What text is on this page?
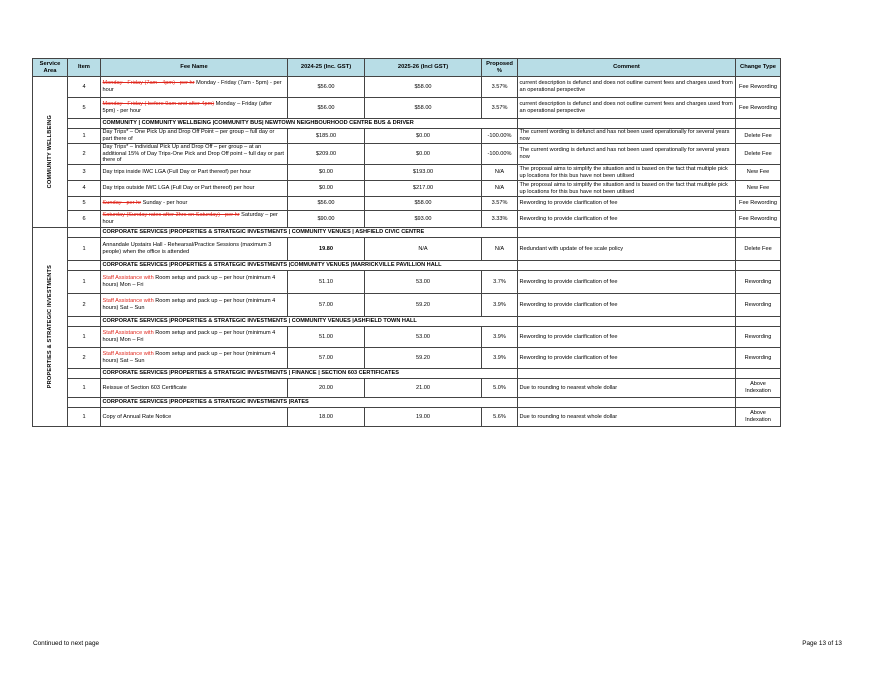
Service Area	Item	Fee Name	2024-25 (Inc. GST)	2025-26 (Incl GST)	Proposed %	Comment	Change Type

COMMUNITY WELLBEING	4	Monday - Friday (7am - 4pm) - per hr Monday - Friday (7am - 5pm) - per hour	$56.00	$58.00	3.57%	current description is defunct and does not outline current fees and charges used from an operational perspective	Fee Rewording
	5	Monday - Friday ( before 9am and after 4pm) Monday – Friday (after 5pm) - per hour	$56.00	$58.00	3.57%	current description is defunct and does not outline current fees and charges used from an operational perspective	Fee Rewording
		COMMUNITY | COMMUNITY WELLBEING |COMMUNITY BUS| NEWTOWN NEIGHBOURHOOD CENTRE BUS & DRIVER					
	1	Day Trips* – One Pick Up and Drop Off Point – per group – full day or part there of	$185.00	$0.00	-100.00%	The current wording is defunct and has not been used operationally for several years now	Delete Fee
	2	Day Trips* – Individual Pick Up and Drop Off – per group – at an additional 15% of Day Trips-One Pick and Drop Off point – full day or part there of	$209.00	$0.00	-100.00%	The current wording is defunct and has not been used operationally for several years now	Delete Fee
	3	Day trips inside IWC LGA (Full Day or Part thereof) per hour	$0.00	$193.00	N/A	The proposal aims to simplify the situation and is based on the fact that multiple pick up locations for this bus have not been utilised	New Fee
	4	Day trips outside IWC LGA (Full Day or Part thereof) per hour	$0.00	$217.00	N/A	The proposal aims to simplify the situation and is based on the fact that multiple pick up locations for this bus have not been utilised	New Fee
	5	Sunday - per hr Sunday - per hour	$56.00	$58.00	3.57%	Rewording to provide clarification of fee	Fee Rewording
	6	Saturday (Sunday rates after 3hrs on Saturday) - per hr Saturday – per hour	$90.00	$93.00	3.33%	Rewording to provide clarification of fee	Fee Rewording

PROPERTIES & STRATEGIC INVESTMENTS		CORPORATE SERVICES |PROPERTIES & STRATEGIC INVESTMENTS | COMMUNITY VENUES | ASHFIELD CIVIC CENTRE					
	1	Annandale Upstairs Hall - Rehearsal/Practice Sessions (maximum 3 people) when the office is attended	19.80	N/A	N/A	Redundant with update of fee scale policy	Delete Fee
		CORPORATE SERVICES |PROPERTIES & STRATEGIC INVESTMENTS |COMMUNITY VENUES |MARRICKVILLE PAVILLION HALL					
	1	Staff Assistance with Room setup and pack up – per hour (minimum 4 hours) Mon – Fri	51.10	53.00	3.7%	Rewording to provide clarification of fee	Rewording
	2	Staff Assistance with Room setup and pack up – per hour (minimum 4 hours) Sat – Sun	57.00	59.20	3.9%	Rewording to provide clarification of fee	Rewording
		CORPORATE SERVICES |PROPERTIES & STRATEGIC INVESTMENTS | COMMUNITY VENUES |ASHFIELD TOWN HALL					
	1	Staff Assistance with Room setup and pack up – per hour (minimum 4 hours) Mon – Fri	51.00	53.00	3.9%	Rewording to provide clarification of fee	Rewording
	2	Staff Assistance with Room setup and pack up – per hour (minimum 4 hours) Sat – Sun	57.00	59.20	3.9%	Rewording to provide clarification of fee	Rewording
		CORPORATE SERVICES |PROPERTIES & STRATEGIC INVESTMENTS | FINANCE | SECTION 603 CERTIFICATES					
	1	Reissue of Section 603 Certificate	20.00	21.00	5.0%	Due to rounding to nearest whole dollar	Above Indexation
		CORPORATE SERVICES |PROPERTIES & STRATEGIC INVESTMENTS |RATES					
	1	Copy of Annual Rate Notice	18.00	19.00	5.6%	Due to rounding to nearest whole dollar	Above Indexation
Continued to next page	Page 13 of 13
